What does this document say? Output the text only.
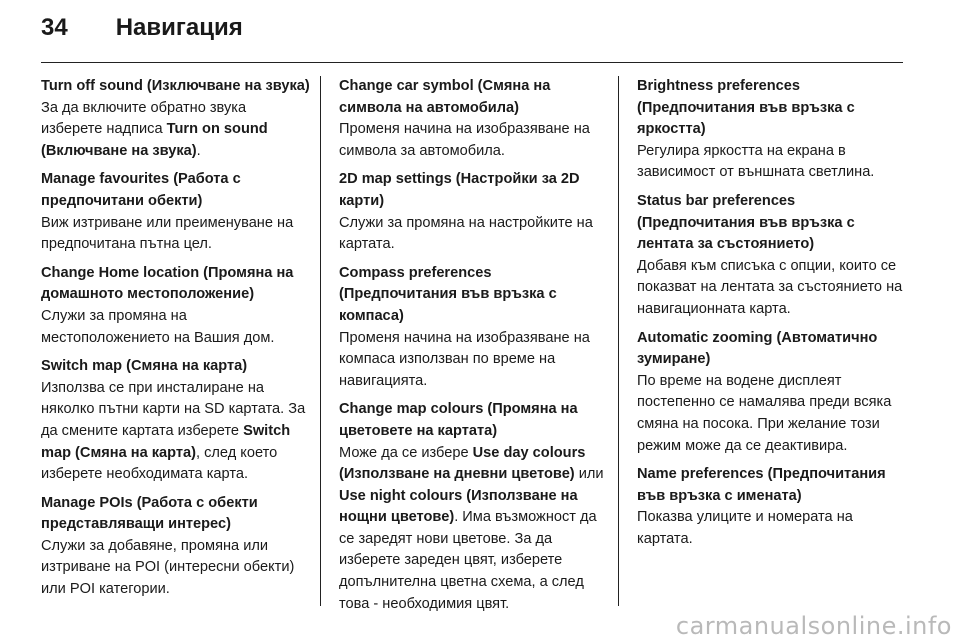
34 Навигация
Turn off sound (Изключване на звука)
За да включите обратно звука изберете надписа Turn on sound (Включване на звука).
Manage favourites (Работа с предпочитани обекти)
Виж изтриване или преименуване на предпочитана пътна цел.
Change Home location (Промяна на домашното местоположение)
Служи за промяна на местоположението на Вашия дом.
Switch map (Смяна на карта)
Използва се при инсталиране на няколко пътни карти на SD картата. За да смените картата изберете Switch map (Смяна на карта), след което изберете необходимата карта.
Manage POIs (Работа с обекти представляващи интерес)
Служи за добавяне, промяна или изтриване на POI (интересни обекти) или POI категории.
Change car symbol (Смяна на символа на автомобила)
Променя начина на изобразяване на символа за автомобила.
2D map settings (Настройки за 2D карти)
Служи за промяна на настройките на картата.
Compass preferences (Предпочитания във връзка с компаса)
Променя начина на изобразяване на компаса използван по време на навигацията.
Change map colours (Промяна на цветовете на картата)
Може да се избере Use day colours (Използване на дневни цветове) или Use night colours (Използване на нощни цветове). Има възможност да се заредят нови цветове. За да изберете зареден цвят, изберете допълнителна цветна схема, а след това - необходимия цвят.
Brightness preferences (Предпочитания във връзка с яркостта)
Регулира яркостта на екрана в зависимост от външната светлина.
Status bar preferences (Предпочитания във връзка с лентата за състоянието)
Добавя към списъка с опции, които се показват на лентата за състоянието на навигационната карта.
Automatic zooming (Автоматично зумиране)
По време на водене дисплеят постепенно се намалява преди всяка смяна на посока. При желание този режим може да се деактивира.
Name preferences (Предпочитания във връзка с имената)
Показва улиците и номерата на картата.
carmanualsonline.info
